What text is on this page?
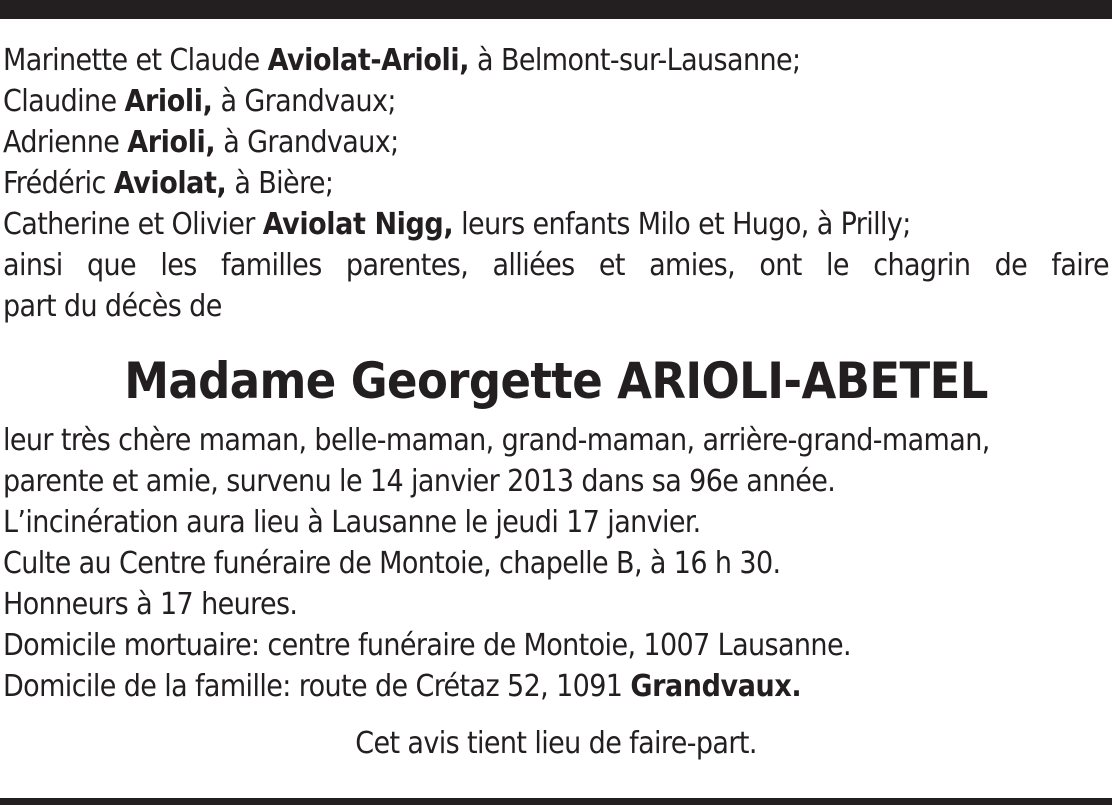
Marinette et Claude Aviolat-Arioli, à Belmont-sur-Lausanne;
Claudine Arioli, à Grandvaux;
Adrienne Arioli, à Grandvaux;
Frédéric Aviolat, à Bière;
Catherine et Olivier Aviolat Nigg, leurs enfants Milo et Hugo, à Prilly;
ainsi que les familles parentes, alliées et amies, ont le chagrin de faire
part du décès de
Madame Georgette ARIOLI-ABETEL
leur très chère maman, belle-maman, grand-maman, arrière-grand-maman,
parente et amie, survenu le 14 janvier 2013 dans sa 96e année.
L’incinération aura lieu à Lausanne le jeudi 17 janvier.
Culte au Centre funéraire de Montoie, chapelle B, à 16 h 30.
Honneurs à 17 heures.
Domicile mortuaire: centre funéraire de Montoie, 1007 Lausanne.
Domicile de la famille: route de Crétaz 52, 1091 Grandvaux.
Cet avis tient lieu de faire-part.
